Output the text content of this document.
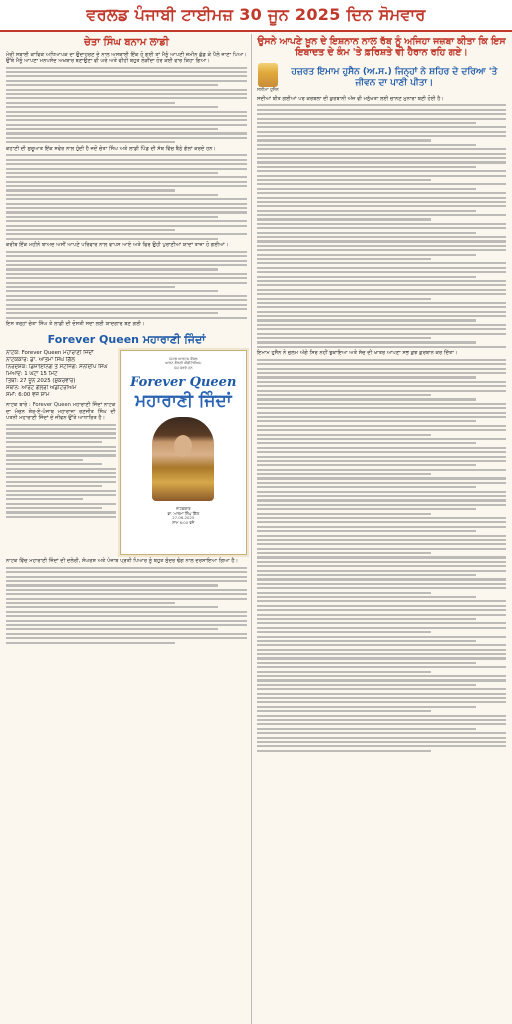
ਵਰਲਡ ਪੰਜਾਬੀ ਟਾਈਮਜ਼ 30 ਜੂਨ 2025 ਦਿਨ ਸੋਮਵਾਰ
ਚੇਤਾ ਸਿੰਘ ਬਨਾਮ ਲਾਡੀ

ਮੇਰੀ ਸਥਾਈ ਕਾਵਿਕ ਅਧਿਆਪਕ ਦਾ ਉਦਾਹਰਣ ਦੇ ਨਾਲ ਅਸਥਾਈ ਇੱਕ ਹੋ ਗਈ ਤਾਂ ਮੈਨੂੰ ਆਪਣੀ ਜ਼ਮੀਨ ਛੱਡ ਕੇ ਪੈਲੇ ਜਾਣਾ ਪਿਆ। ਉੱਥੇ ਮੈਨੂੰ ਆਪਣਾ ਮਨਪਸੰਦ ਅਖ਼ਬਾਰ ਬਣਾਉਣਾ ਵੀ ਘਰੇ ਅਤੇ ਵੀਹੀ ਬਹੁਤ ਲੋੜੀਂਦਾ ਹੋਰ ਕਈ ਵਾਰ ਕਿਹਾ ਗਿਆ।

ਕਹਾਣੀ ਦੀ ਸ਼ੁਰੂਆਤ ਇੱਕ ਸਵੇਰ ਨਾਲ ਹੁੰਦੀ ਹੈ ਜਦੋਂ ਚੇਤਾ ਸਿੰਘ ਅਤੇ ਲਾਡੀ ਪਿੰਡ ਦੀ ਸੱਥ ਵਿੱਚ ਬੈਠੇ ਗੱਲਾਂ ਕਰਦੇ ਹਨ।

ਕਰੀਬ ਇੱਕ ਮਹੀਨੇ ਬਾਅਦ ਅਸੀਂ ਆਪਣੇ ਪਰਿਵਾਰ ਨਾਲ ਵਾਪਸ ਆਏ ਅਤੇ ਫਿਰ ਉਹੀ ਪੁਰਾਣੀਆਂ ਯਾਦਾਂ ਤਾਜ਼ਾ ਹੋ ਗਈਆਂ।

ਇਸ ਤਰ੍ਹਾਂ ਚੇਤਾ ਸਿੰਘ ਤੇ ਲਾਡੀ ਦੀ ਦੋਸਤੀ ਸਦਾ ਲਈ ਯਾਦਗਾਰ ਬਣ ਗਈ।

Forever Queen ਮਹਾਰਾਣੀ ਜਿੰਦਾਂ
ਨਾਟਕ: Forever Queen ਮਹਾਰਾਣੀ ਜਿੰਦਾਂ
ਨਾਟਕਕਾਰ: ਡਾ. ਆਤਮਾ ਸਿੰਘ ਗਿੱਲ
ਨਿਰਦੇਸ਼ਕ: ਡਿਜ਼ਾਇਨਿੰਗ ਤੇ ਸਟੇਜਿੰਗ: ਸੰਨੀਦੀਪ ਸਿੰਘ
ਮਿਆਦ: 1 ਘੰਟਾ 15 ਮਿੰਟ
ਤਿਥੀ: 27 ਜੂਨ 2025 (ਸ਼ੁਕਰਵਾਰ)
ਸਥਾਨ: ਆਰਟ ਗੈਲਰੀ ਔਡੀਟੋਰੀਅਮ
ਸਮਾਂ: 6:00 ਵਜੇ ਸ਼ਾਮ

ਨਾਟਕ ਬਾਰੇ : Forever Queen ਮਹਾਰਾਣੀ ਜਿੰਦਾਂ ਨਾਟਕ ਦਾ ਮੰਚਨ ਸ਼ੇਰ-ਏ-ਪੰਜਾਬ ਮਹਾਰਾਜਾ ਰਣਜੀਤ ਸਿੰਘ ਦੀ ਪਤਨੀ ਮਹਾਰਾਣੀ ਜਿੰਦਾਂ ਦੇ ਜੀਵਨ ਉੱਤੇ ਆਧਾਰਿਤ ਹੈ।

ਪੰਜਾਬ ਆਰਟਸ ਕੌਂਸਲ
ਆਰਟ ਗੈਲਰੀ ਔਡੀਟੋਰੀਅਮ
ਪੇਸ਼ ਕਰਦੇ ਹਨ
Forever Queen
ਮਹਾਰਾਣੀ ਜਿੰਦਾਂ
ਨਾਟਕਕਾਰ
ਡਾ. ਆਤਮਾ ਸਿੰਘ ਗਿੱਲ
27-06-2025
ਸ਼ਾਮ 6:00 ਵਜੇ

ਨਾਟਕ ਵਿੱਚ ਮਹਾਰਾਣੀ ਜਿੰਦਾਂ ਦੀ ਦਲੇਰੀ, ਸੰਘਰਸ਼ ਅਤੇ ਪੰਜਾਬ ਪ੍ਰਤੀ ਪਿਆਰ ਨੂੰ ਬਹੁਤ ਸੁੰਦਰ ਢੰਗ ਨਾਲ ਦਰਸਾਇਆ ਗਿਆ ਹੈ।

ਉਸਨੇ ਆਪਣੇ ਖ਼ੂਨ ਦੇ ਇਸ਼ਨਾਨ ਨਾਲ ਰੱਬ ਨੂੰ ਅਜਿਹਾ ਜਜ਼ਬਾ ਕੀਤਾ ਕਿ ਇਸ ਇਬਾਦਤ ਦੇ ਕੰਮ 'ਤੇ ਫ਼ਰਿਸ਼ਤੇ ਵੀ ਹੈਰਾਨ ਰਹਿ ਗਏ।
ਸਲੀਮਾ ਹੁਸੈਨ
ਹਜ਼ਰਤ ਇਮਾਮ ਹੁਸੈਨ (ਅ.ਸ.) ਜਿਨ੍ਹਾਂ ਨੇ ਸ਼ਹਿਰ ਦੇ ਦਰਿਆ 'ਤੇ ਜੀਵਨ ਦਾ ਪਾਣੀ ਪੀਤਾ।

ਸਦੀਆਂ ਬੀਤ ਗਈਆਂ ਪਰ ਕਰਬਲਾ ਦੀ ਕੁਰਬਾਨੀ ਅੱਜ ਵੀ ਮਨੁੱਖਤਾ ਲਈ ਚਾਨਣ ਮੁਨਾਰਾ ਬਣੀ ਹੋਈ ਹੈ।

ਇਮਾਮ ਹੁਸੈਨ ਨੇ ਜ਼ੁਲਮ ਅੱਗੇ ਸਿਰ ਨਹੀਂ ਝੁਕਾਇਆ ਅਤੇ ਸੱਚ ਦੀ ਖ਼ਾਤਰ ਆਪਣਾ ਸਭ ਕੁਝ ਕੁਰਬਾਨ ਕਰ ਦਿੱਤਾ।
